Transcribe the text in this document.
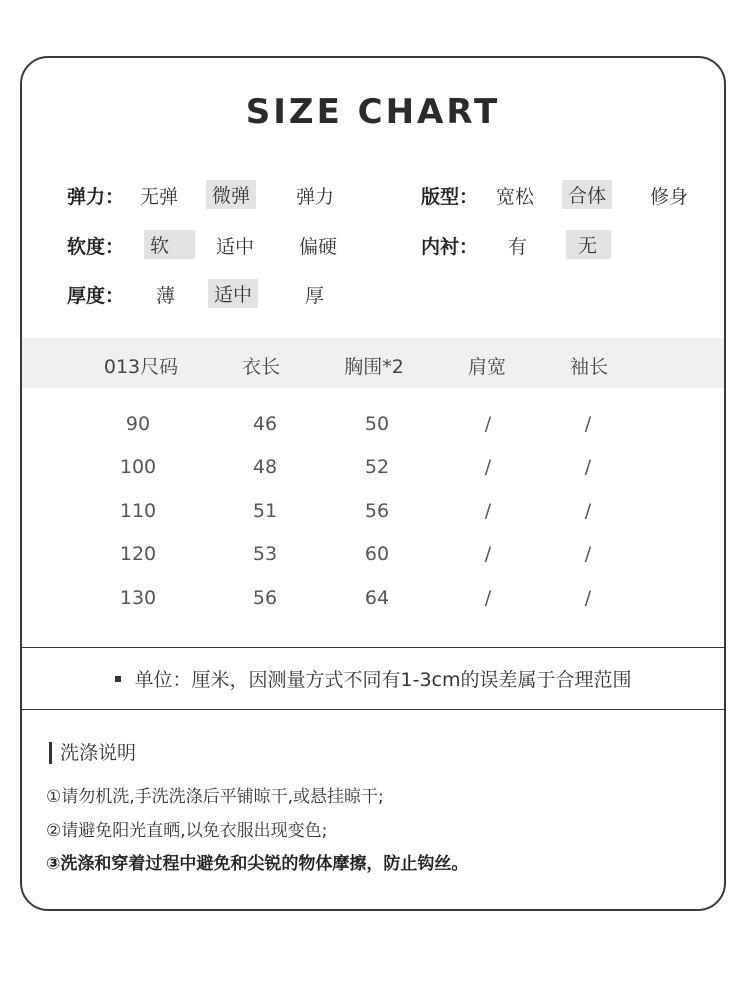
SIZE CHART
弹力： 无弹	微弹	弹力	版型： 宽松	合体	修身
软度：	软	适中 偏硬	内衬： 有	无
厚度： 薄	适中	厚
013尺码	衣长	胸围*2	肩宽	袖长
90	46	50	/	/
100	48	52	/	/
110	51	56	/	/
120	53	60	/	/
130	56	64	/	/
单位：厘米，因测量方式不同有1-3cm的误差属于合理范围
洗涤说明
①请勿机洗,手洗洗涤后平铺晾干,或悬挂晾干;
②请避免阳光直晒,以免衣服出现变色;
③洗涤和穿着过程中避免和尖锐的物体摩擦，防止钩丝。
